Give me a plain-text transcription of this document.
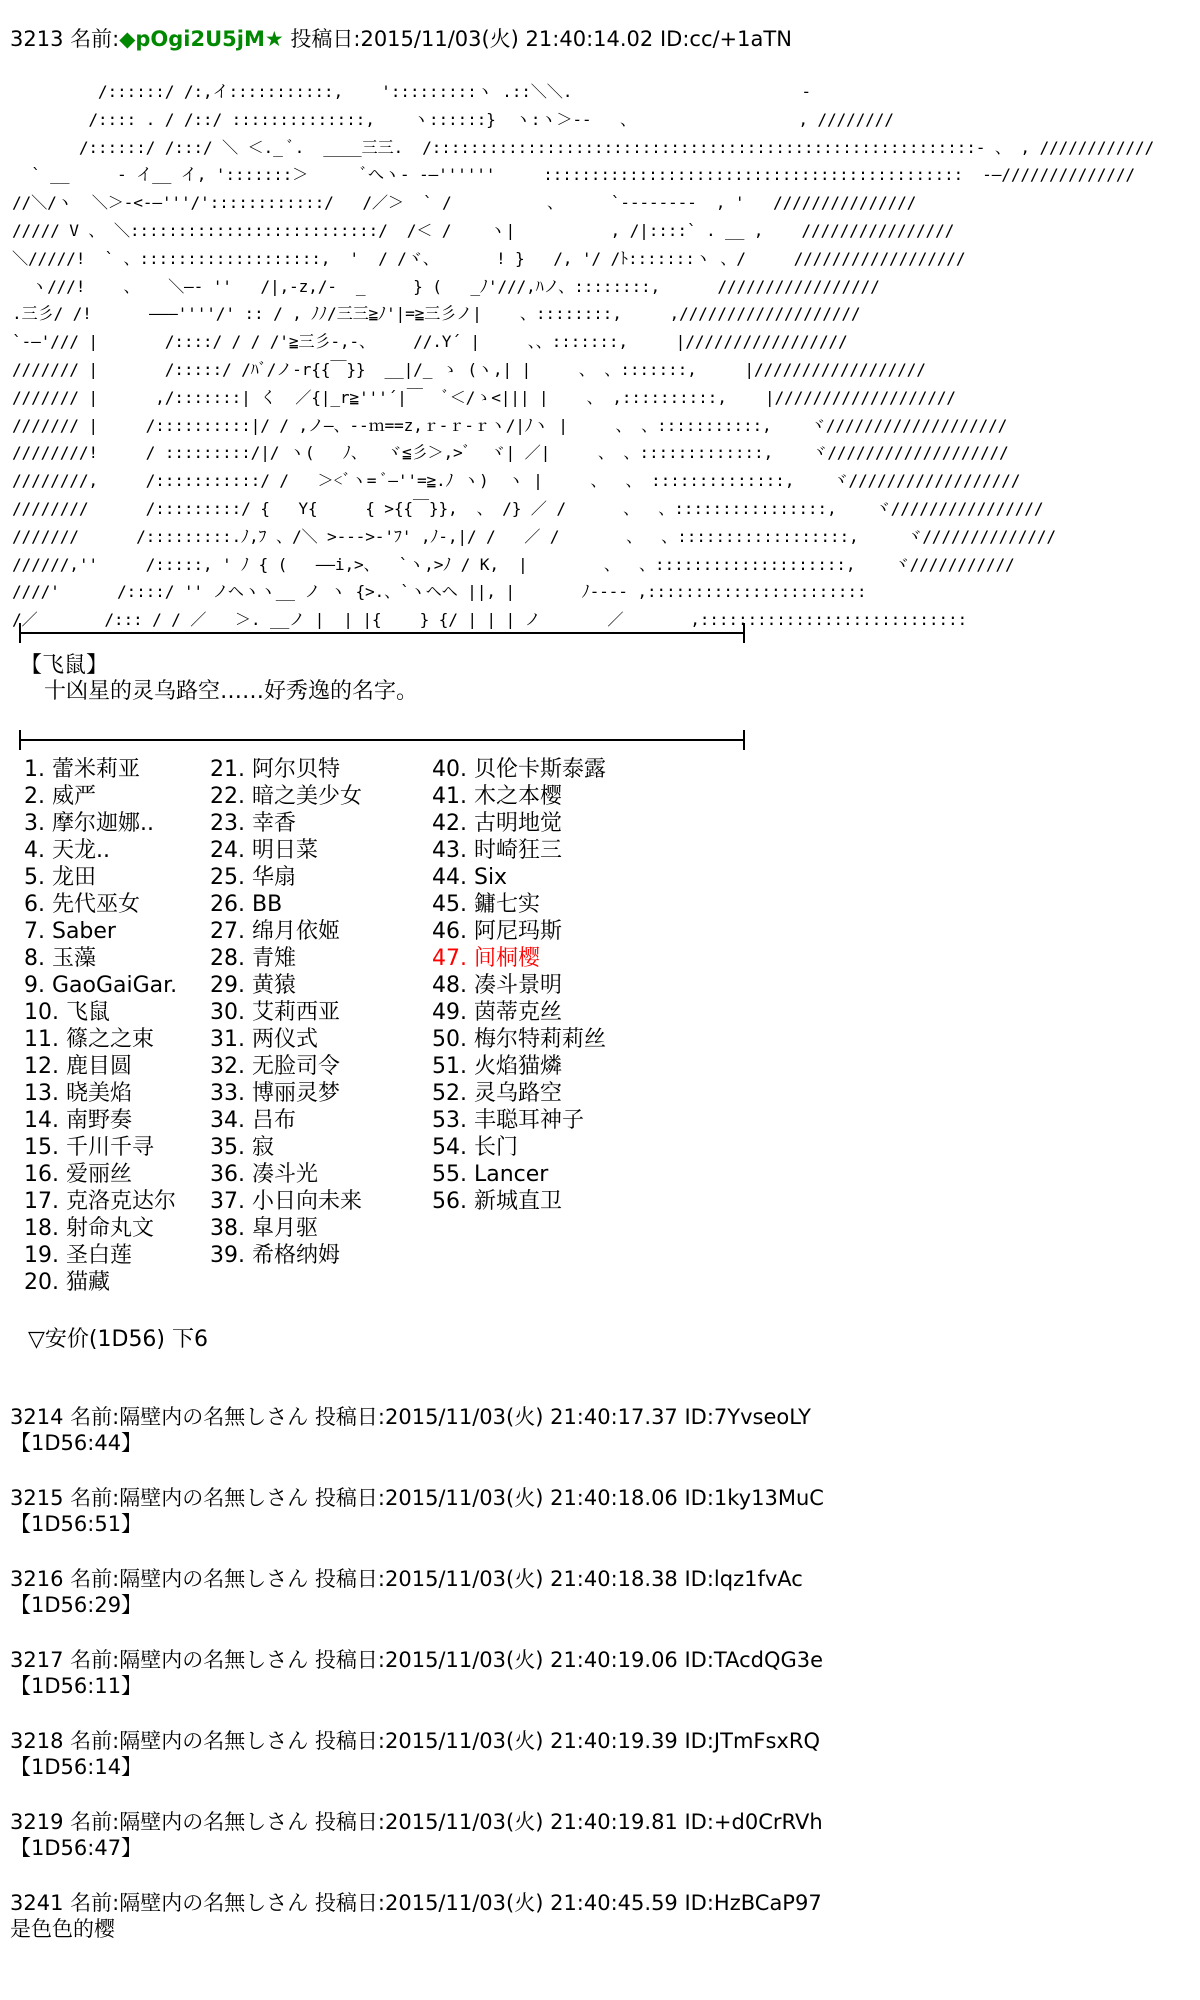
3213 名前:◆pOgi2U5jM★ 投稿日:2015/11/03(火) 21:40:14.02 ID:cc/+1aTN
/::::::/ /:,イ:::::::::::,    ':::::::::ヽ .::＼＼.                        -
/:::: . / /::/ ::::::::::::::,    ヽ::::::}  ヽ:ヽ＞--   、                 , ////////
/::::::/ /:::/ ＼ ＜._ ﾞ.  ____三三.  /:::::::::::::::::::::::::::::::::::::::::::::::::::::::::- 、 , ////////////
` __     - イ__ イ, ':::::::＞      ﾞへヽ- -―''''''     ::::::::::::::::::::::::::::::::::::::::::::  -―//////////////
//＼/ヽ  ＼＞-<-―'''/'::::::::::::/   /／＞  ` /          、     `--------  , '   ///////////////
///// V 、 ＼::::::::::::::::::::::::::/  /＜ /    ヽ|          , /|::::` . __ ,    ////////////////
＼/////!  ` 、:::::::::::::::::::,  '  / /ヾ、      ! }   /, '/ /ﾄ:::::::ヽ 、/     //////////////////
ヽ///!    、   ＼―- ''   /|,-z,/-  _     } (   _ﾉ'///,ﾊノ、::::::::,      /////////////////
.三彡/ /!      ―――''''/' :: / , ﾉﾉ/三三≧ﾉ'|=≧三彡ノ|    、::::::::,     ,///////////////////
`-―'/// |       /::::/ / / /'≧三彡-,-、    //.Y´ |     、、:::::::,     |/////////////////
/////// |       /:::::/ /ﾊﾞ/ノ-r{{￣}}  __|/_ ゝ (ヽ,| |     、 、:::::::,     |//////////////////
/////// |      ,/:::::::| く  ／{|_r≧'''´|￣  ﾞ＜/ゝ<||| |    、 ,::::::::::,    |///////////////////
/////// |     /::::::::::|/ / ,ノ―、--ｍ==z,ｒ-ｒ-ｒヽ/|ﾉヽ |     、 、:::::::::::,    ヾ///////////////////
////////!     / :::::::::/|/ ヽ(   ﾉ、  ヾ≦彡＞,>ﾞ  ヾ| ／|     、 、:::::::::::::,    ヾ///////////////////
////////,     /:::::::::::/ /   ＞<ﾞヽ= ﾞ―''=≧.ﾉ ヽ)  ヽ |     、  、 ::::::::::::::,    ヾ//////////////////
////////      /:::::::::/ {   Y{     { >{{￣}},  、 /} ／ /      、  、::::::::::::::::,    ヾ////////////////
///////      /:::::::::.ﾉ,ﾌ 、/＼ >--->-'ﾌ' ,ﾉ-,|/ /   ／ /       、  、::::::::::::::::::,     ヾ//////////////
//////,''     /:::::, ' ﾉ { (   ――i,>、  `ヽ,>ﾉ / K,  |        、  、::::::::::::::::::::,    ヾ///////////
////'      /::::/ '' ノヘヽヽ__ ノ ヽ {>.、`ヽヘヘ ||, |       ﾉ---- ,:::::::::::::::::::::::
/／       /::: / / ／   ＞. __ノ |  | |{    } {/ | | | ノ       ／       ,::::::::::::::::::::::::::::
【飞鼠】
十凶星的灵乌路空……好秀逸的名字。
1. 蕾米莉亚
2. 威严
3. 摩尔迦娜..
4. 天龙..
5. 龙田
6. 先代巫女
7. Saber
8. 玉藻
9. GaoGaiGar.
10. 飞鼠
11. 篠之之束
12. 鹿目圆
13. 晓美焰
14. 南野奏
15. 千川千寻
16. 爱丽丝
17. 克洛克达尔
18. 射命丸文
19. 圣白莲
20. 猫藏
21. 阿尔贝特
22. 暗之美少女
23. 幸香
24. 明日菜
25. 华扇
26. BB
27. 绵月依姬
28. 青雉
29. 黄猿
30. 艾莉西亚
31. 两仪式
32. 无脸司令
33. 博丽灵梦
34. 吕布
35. 寂
36. 凑斗光
37. 小日向未来
38. 皐月驱
39. 希格纳姆
40. 贝伦卡斯泰露
41. 木之本樱
42. 古明地觉
43. 时崎狂三
44. Six
45. 鏞七实
46. 阿尼玛斯
47. 间桐樱
48. 凑斗景明
49. 茵蒂克丝
50. 梅尔特莉莉丝
51. 火焰猫燐
52. 灵乌路空
53. 丰聪耳神子
54. 长门
55. Lancer
56. 新城直卫
▽安价(1D56) 下6
3214 名前:隔壁内の名無しさん 投稿日:2015/11/03(火) 21:40:17.37 ID:7YvseoLY
【1D56:44】
3215 名前:隔壁内の名無しさん 投稿日:2015/11/03(火) 21:40:18.06 ID:1ky13MuC
【1D56:51】
3216 名前:隔壁内の名無しさん 投稿日:2015/11/03(火) 21:40:18.38 ID:lqz1fvAc
【1D56:29】
3217 名前:隔壁内の名無しさん 投稿日:2015/11/03(火) 21:40:19.06 ID:TAcdQG3e
【1D56:11】
3218 名前:隔壁内の名無しさん 投稿日:2015/11/03(火) 21:40:19.39 ID:JTmFsxRQ
【1D56:14】
3219 名前:隔壁内の名無しさん 投稿日:2015/11/03(火) 21:40:19.81 ID:+d0CrRVh
【1D56:47】
3241 名前:隔壁内の名無しさん 投稿日:2015/11/03(火) 21:40:45.59 ID:HzBCaP97
是色色的樱
